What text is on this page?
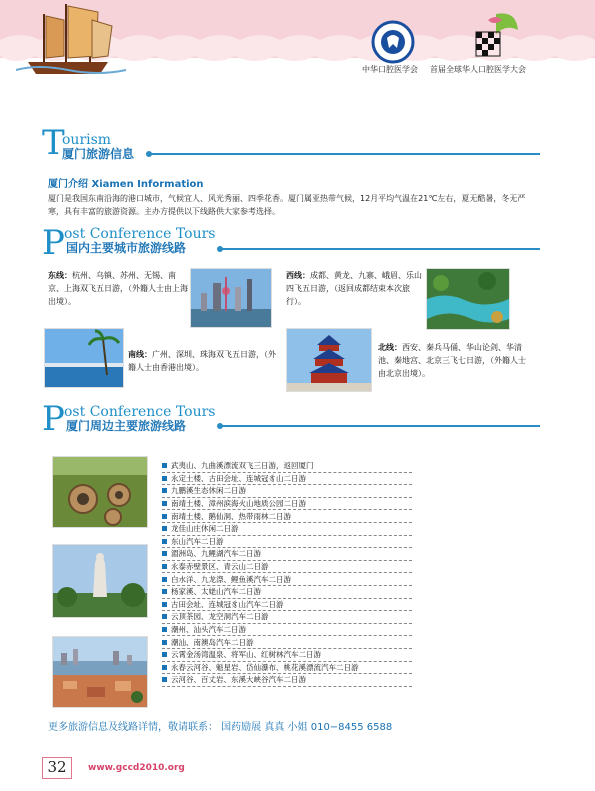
中华口腔医学会 首届全球华人口腔医学大会
T
ourism
厦门旅游信息
厦门介绍 Xiamen Information
厦门是我国东南沿海的港口城市，气候宜人、风光秀丽、四季花香。厦门属亚热带气候，12月平均气温在21℃左右，夏无酷暑，冬无严寒，具有丰富的旅游资源。主办方提供以下线路供大家参考选择。
P ost Conference Tours
国内主要城市旅游线路
东线：杭州、乌镇、苏州、无锡、南京、上海双飞五日游，（外籍人士由上海出境）。
西线：成都、黄龙、九寨、峨眉、乐山四飞五日游，（返回成都结束本次旅行）。
南线：广州、深圳、珠海双飞五日游，（外籍人士由香港出境）。
北线：西安、秦兵马俑、华山论剑、华清池、秦地宫、北京三飞七日游，（外籍人士由北京出境）。
P ost Conference Tours
厦门周边主要旅游线路
武夷山、九曲溪漂流双飞三日游，返回厦门
永定土楼、古田会址、连城冠豸山二日游
九鹏溪生态休闲二日游
南靖土楼、漳州滨海火山地质公园二日游
南靖土楼、鹅仙洞、热带雨林二日游
龙佳山庄休闲二日游
东山汽车二日游
湄洲岛、九鲤湖汽车二日游
永泰赤壁景区、青云山二日游
白水洋、九龙漈、鲤鱼溪汽车二日游
杨家溪、太姥山汽车二日游
古田会址、连城冠豸山汽车二日游
云顶茶园、龙空洞汽车二日游
潮州、汕头汽车二日游
潮汕、南澳岛汽车二日游
云霄金汤湾温泉、将军山、红树林汽车二日游
永春云河谷、魁星岩、岱仙瀑布、桃花溪漂流汽车二日游
云河谷、百丈岩、东溪大峡谷汽车二日游
更多旅游信息及线路详情，敬请联系： 国药励展 真真 小姐 010−8455 6588
32	www.gccd2010.org
